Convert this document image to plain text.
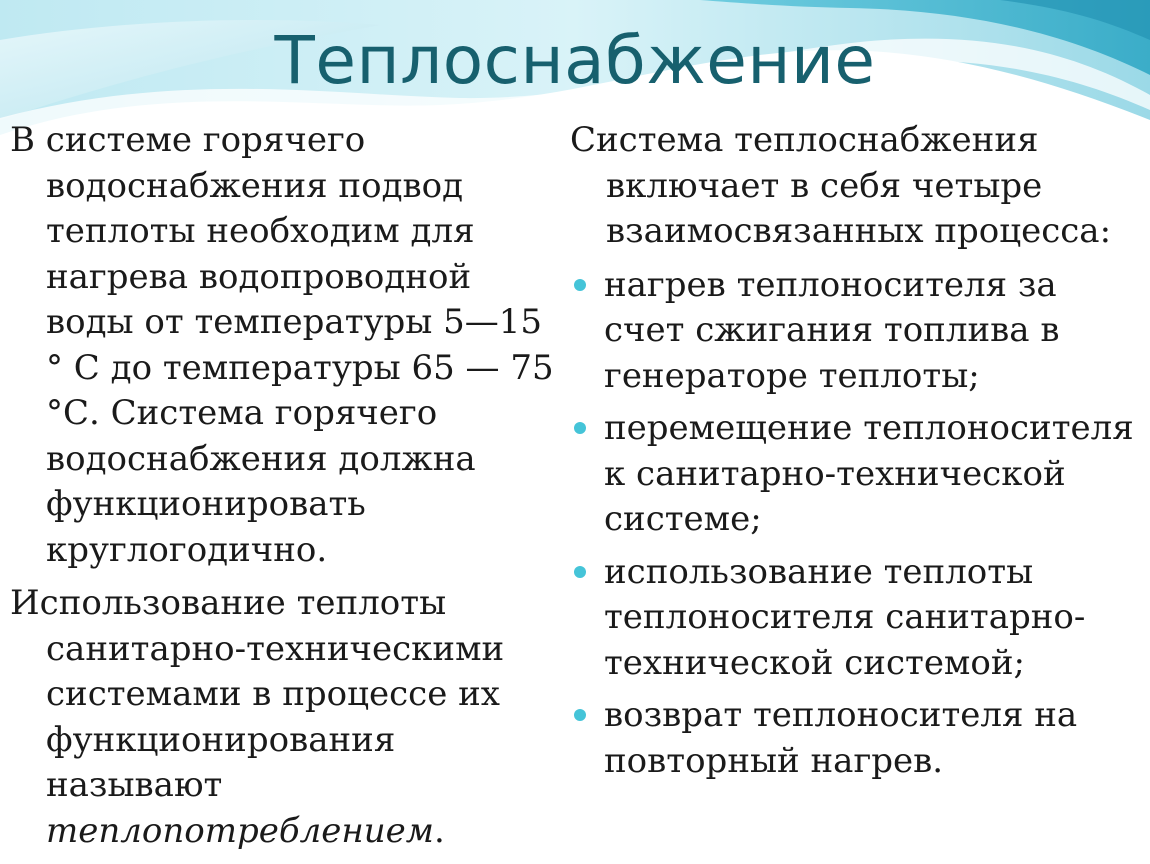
Теплоснабжение

В системе горячего водоснабжения подвод теплоты необходим для нагрева водопроводной воды от температуры 5—15 ° С до температуры 65 — 75 °С. Система горячего водоснабжения должна функционировать круглогодично.

Использование теплоты санитарно-техническими системами в процессе их функционирования называют теплопотреблением.

Система теплоснабжения включает в себя четыре взаимосвязанных процесса:

нагрев теплоносителя за счет сжигания топлива в генераторе теплоты;
перемещение теплоносителя к санитарно-технической системе;
использование теплоты теплоносителя санитарно-технической системой;
возврат теплоносителя на повторный нагрев.
